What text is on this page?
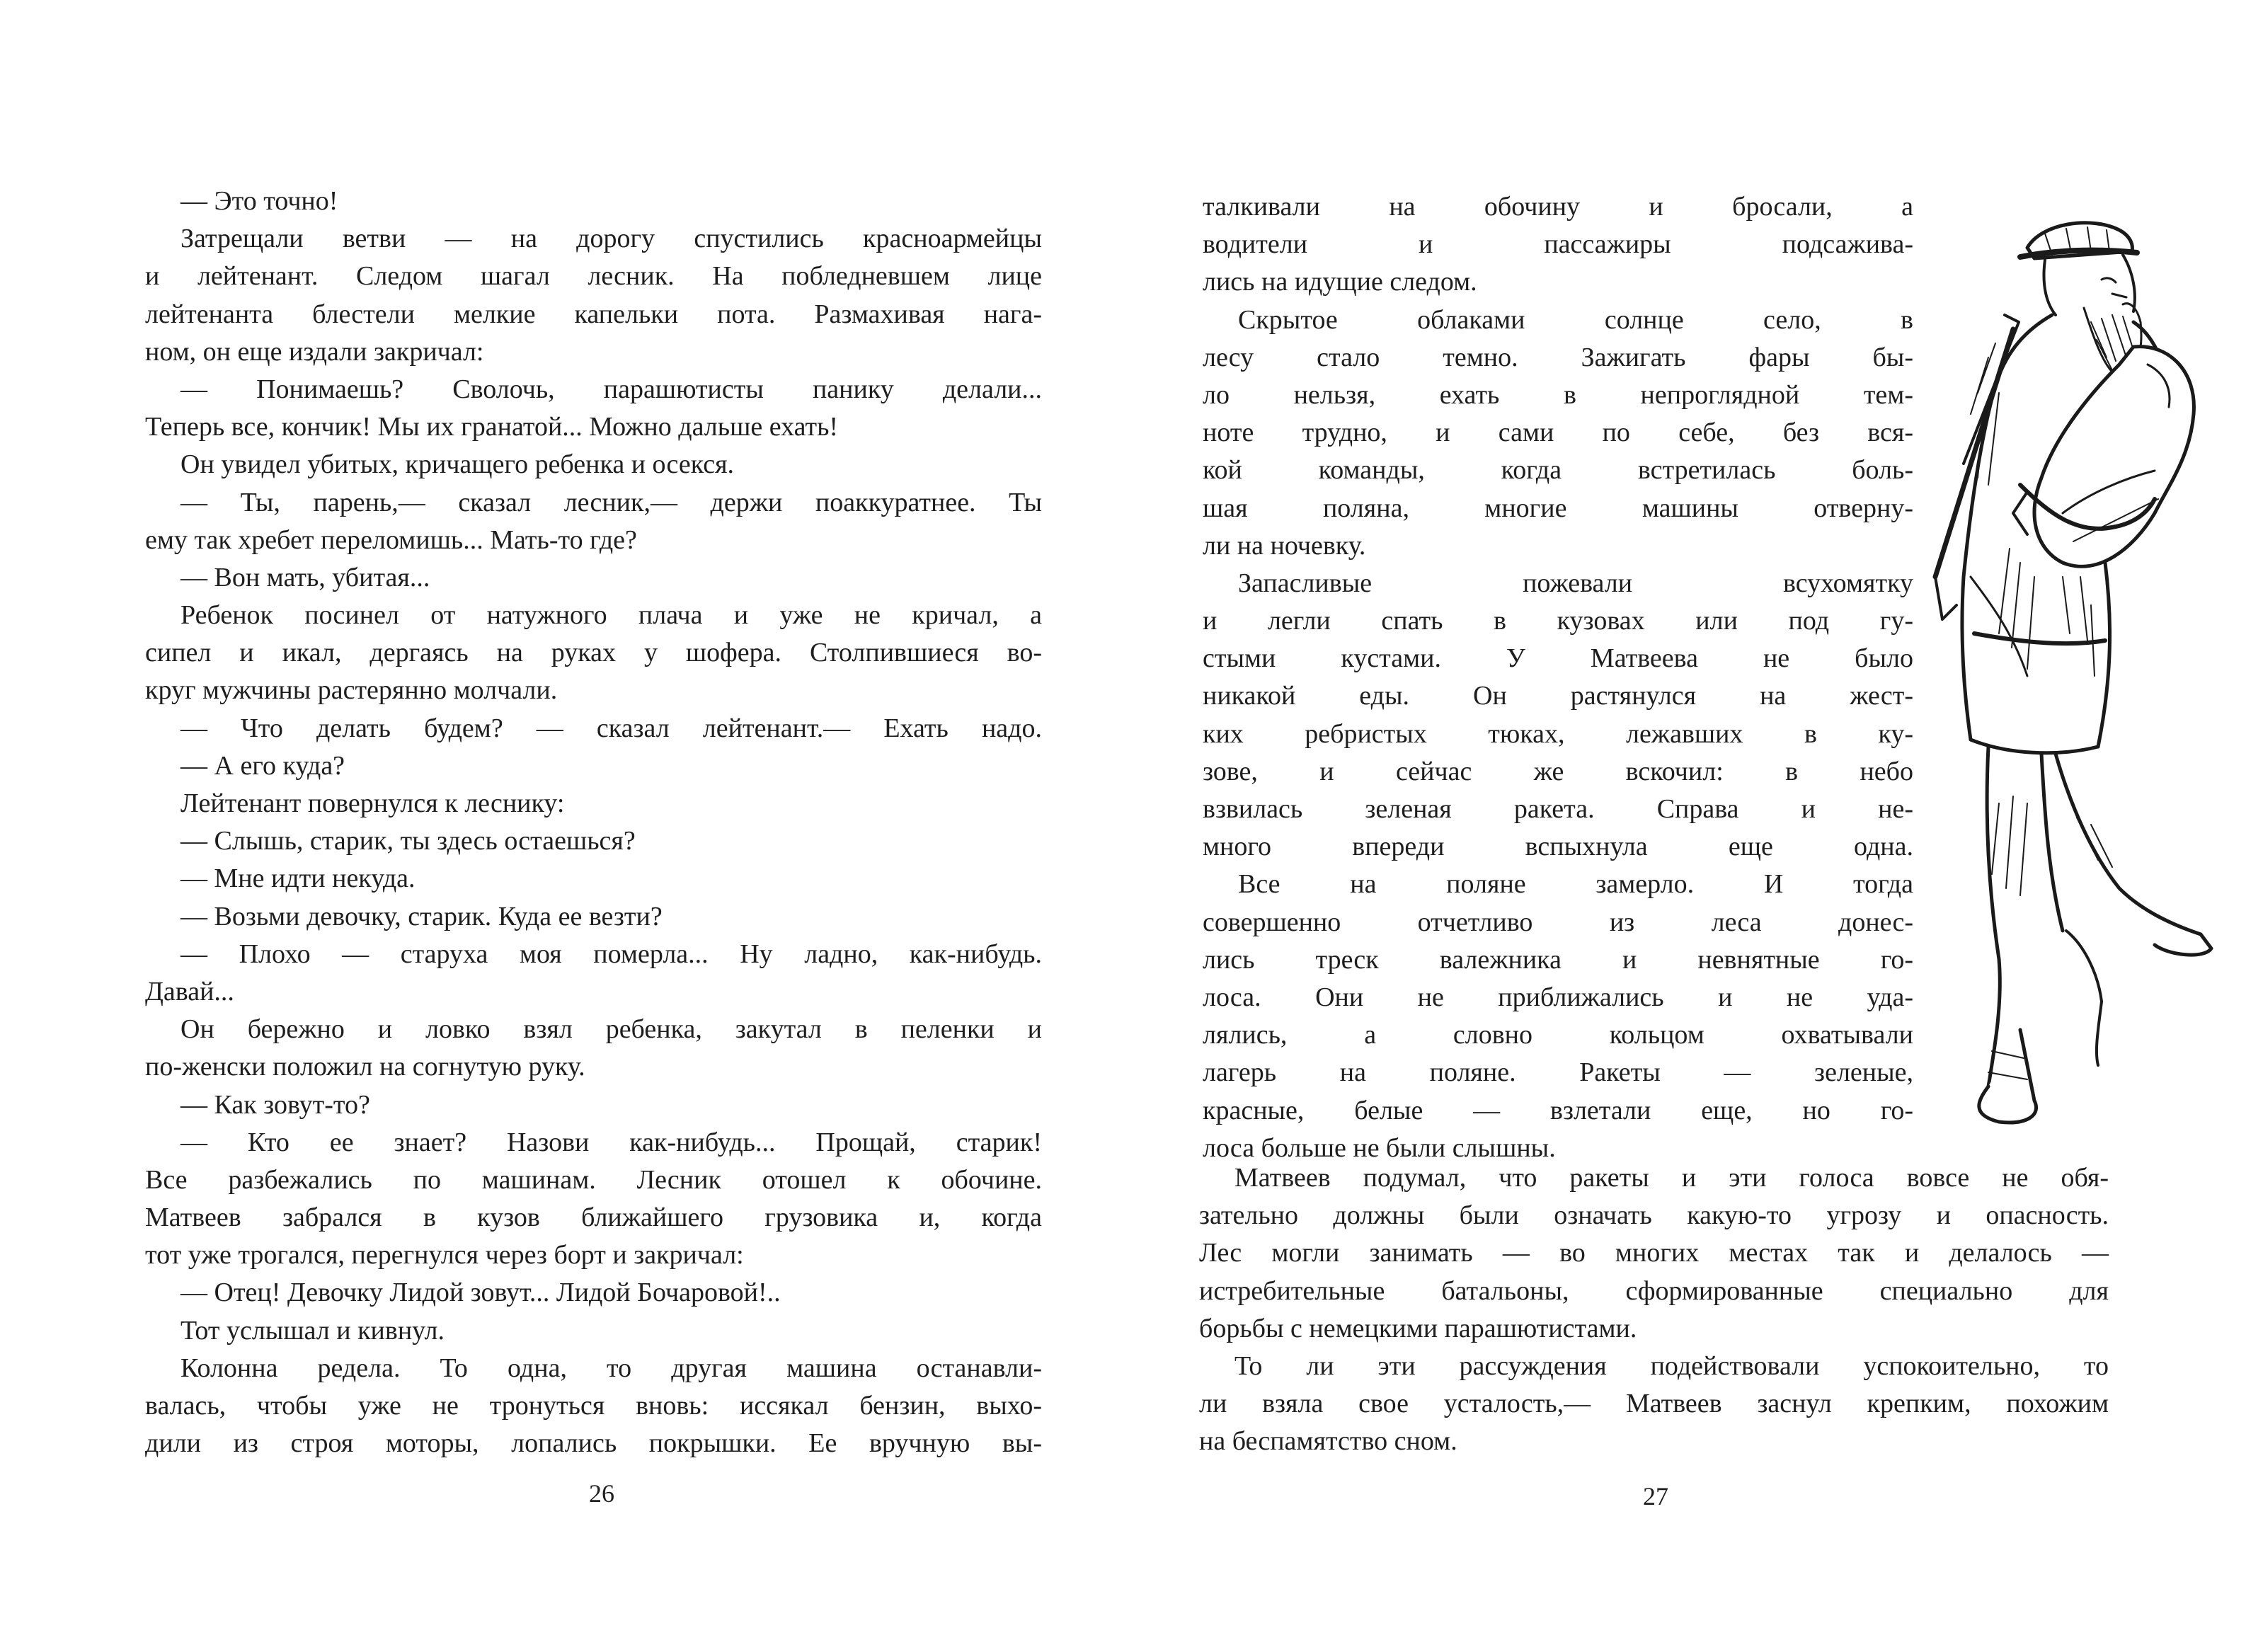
— Это точно!
Затрещали ветви — на дорогу спустились красноармейцы
и лейтенант. Следом шагал лесник. На побледневшем лице
лейтенанта блестели мелкие капельки пота. Размахивая нага-
ном, он еще издали закричал:
— Понимаешь? Сволочь, парашютисты панику делали...
Теперь все, кончик! Мы их гранатой... Можно дальше ехать!
Он увидел убитых, кричащего ребенка и осекся.
— Ты, парень,— сказал лесник,— держи поаккуратнее. Ты
ему так хребет переломишь... Мать-то где?
— Вон мать, убитая...
Ребенок посинел от натужного плача и уже не кричал, а
сипел и икал, дергаясь на руках у шофера. Столпившиеся во-
круг мужчины растерянно молчали.
— Что делать будем? — сказал лейтенант.— Ехать надо.
— А его куда?
Лейтенант повернулся к леснику:
— Слышь, старик, ты здесь остаешься?
— Мне идти некуда.
— Возьми девочку, старик. Куда ее везти?
— Плохо — старуха моя померла... Ну ладно, как-нибудь.
Давай...
Он бережно и ловко взял ребенка, закутал в пеленки и
по-женски положил на согнутую руку.
— Как зовут-то?
— Кто ее знает? Назови как-нибудь... Прощай, старик!
Все разбежались по машинам. Лесник отошел к обочине.
Матвеев забрался в кузов ближайшего грузовика и, когда
тот уже трогался, перегнулся через борт и закричал:
— Отец! Девочку Лидой зовут... Лидой Бочаровой!..
Тот услышал и кивнул.
Колонна редела. То одна, то другая машина останавли-
валась, чтобы уже не тронуться вновь: иссякал бензин, выхо-
дили из строя моторы, лопались покрышки. Ее вручную вы-
26
талкивали на обочину и бросали, а
водители и пассажиры подсажива-
лись на идущие следом.
Скрытое облаками солнце село, в
лесу стало темно. Зажигать фары бы-
ло нельзя, ехать в непроглядной тем-
ноте трудно, и сами по себе, без вся-
кой команды, когда встретилась боль-
шая поляна, многие машины отверну-
ли на ночевку.
Запасливые пожевали всухомятку
и легли спать в кузовах или под гу-
стыми кустами. У Матвеева не было
никакой еды. Он растянулся на жест-
ких ребристых тюках, лежавших в ку-
зове, и сейчас же вскочил: в небо
взвилась зеленая ракета. Справа и не-
много впереди вспыхнула еще одна.
Все на поляне замерло. И тогда
совершенно отчетливо из леса донес-
лись треск валежника и невнятные го-
лоса. Они не приближались и не уда-
лялись, а словно кольцом охватывали
лагерь на поляне. Ракеты — зеленые,
красные, белые — взлетали еще, но го-
лоса больше не были слышны.
Матвеев подумал, что ракеты и эти голоса вовсе не обя-
зательно должны были означать какую-то угрозу и опасность.
Лес могли занимать — во многих местах так и делалось —
истребительные батальоны, сформированные специально для
борьбы с немецкими парашютистами.
То ли эти рассуждения подействовали успокоительно, то
ли взяла свое усталость,— Матвеев заснул крепким, похожим
на беспамятство сном.
27
